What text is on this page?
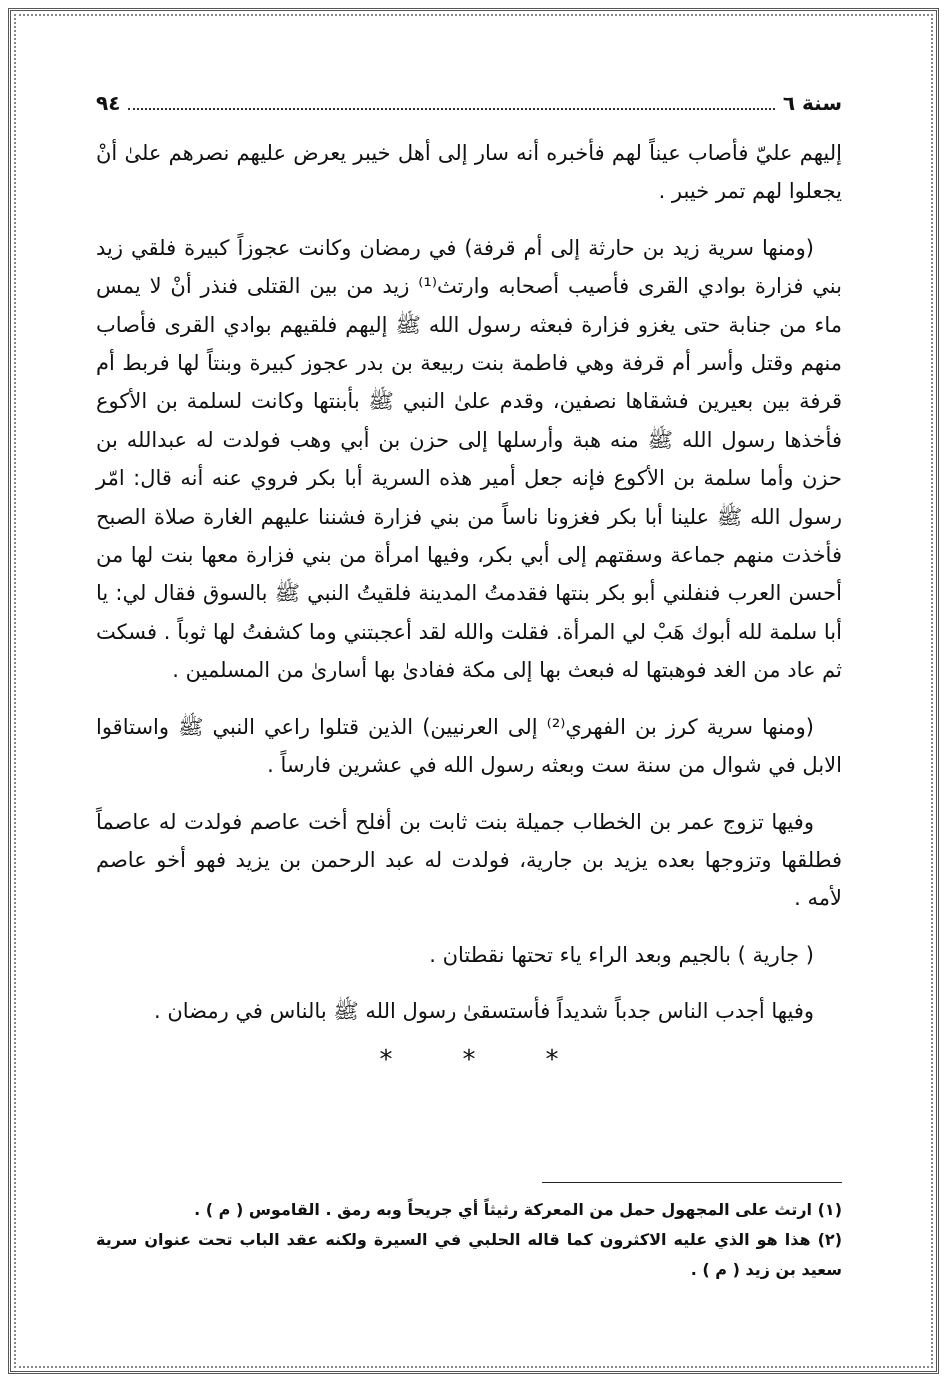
سنة ٦
٩٤

إليهم عليّ فأصاب عيناً لهم فأخبره أنه سار إلى أهل خيبر يعرض عليهم نصرهم علىٰ أنْ يجعلوا لهم تمر خيبر .

(ومنها سرية زيد بن حارثة إلى أم قرفة) في رمضان وكانت عجوزاً كبيرة فلقي زيد بني فزارة بوادي القرى فأصيب أصحابه وارتث⁽¹⁾ زيد من بين القتلى فنذر أنْ لا يمس ماء من جنابة حتى يغزو فزارة فبعثه رسول الله ﷺ إليهم فلقيهم بوادي القرى فأصاب منهم وقتل وأسر أم قرفة وهي فاطمة بنت ربيعة بن بدر عجوز كبيرة وبنتاً لها فربط أم قرفة بين بعيرين فشقاها نصفين، وقدم علىٰ النبي ﷺ بأبنتها وكانت لسلمة بن الأكوع فأخذها رسول الله ﷺ منه هبة وأرسلها إلى حزن بن أبي وهب فولدت له عبدالله بن حزن وأما سلمة بن الأكوع فإنه جعل أمير هذه السرية أبا بكر فروي عنه أنه قال: امّر رسول الله ﷺ علينا أبا بكر فغزونا ناساً من بني فزارة فشننا عليهم الغارة صلاة الصبح فأخذت منهم جماعة وسقتهم إلى أبي بكر، وفيها امرأة من بني فزارة معها بنت لها من أحسن العرب فنفلني أبو بكر بنتها فقدمتُ المدينة فلقيتُ النبي ﷺ بالسوق فقال لي: يا أبا سلمة لله أبوك هَبْ لي المرأة. فقلت والله لقد أعجبتني وما كشفتُ لها ثوباً . فسكت ثم عاد من الغد فوهبتها له فبعث بها إلى مكة ففادىٰ بها أسارىٰ من المسلمين .

(ومنها سرية كرز بن الفهري⁽²⁾ إلى العرنيين) الذين قتلوا راعي النبي ﷺ واستاقوا الابل في شوال من سنة ست وبعثه رسول الله في عشرين فارساً .

وفيها تزوج عمر بن الخطاب جميلة بنت ثابت بن أفلح أخت عاصم فولدت له عاصماً فطلقها وتزوجها بعده يزيد بن جارية، فولدت له عبد الرحمن بن يزيد فهو أخو عاصم لأمه .

( جارية ) بالجيم وبعد الراء ياء تحتها نقطتان .

وفيها أجدب الناس جدباً شديداً فأستسقىٰ رسول الله ﷺ بالناس في رمضان .

*
*
*

(١) ارتث على المجهول حمل من المعركة رثيثاً أي جريحاً وبه رمق . القاموس ( م ) .

(٢) هذا هو الذي عليه الاكثرون كما قاله الحلبي في السيرة ولكنه عقد الباب تحت عنوان سرية سعيد بن زيد ( م ) .
